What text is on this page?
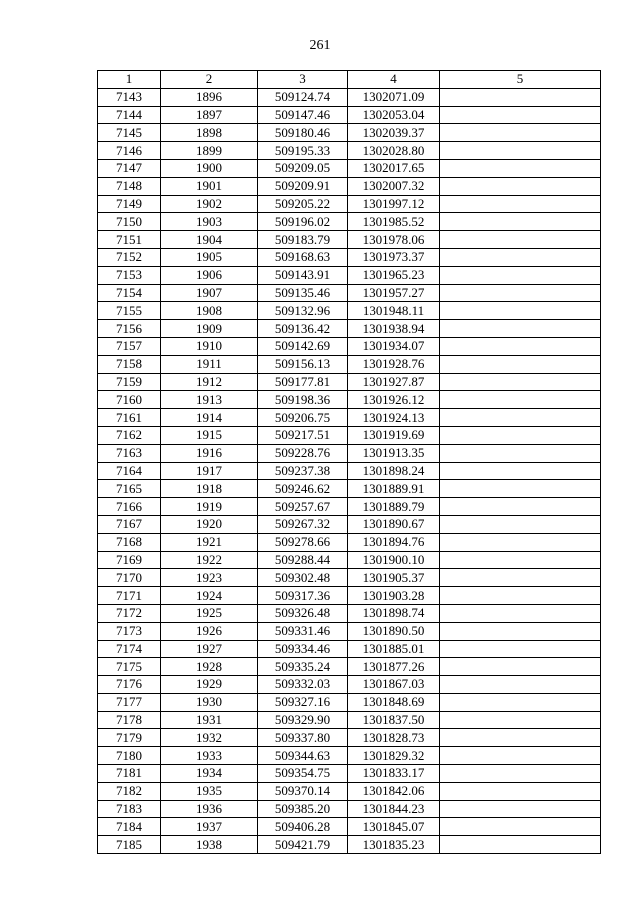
261
1	2	3	4	5
7143	1896	509124.74	1302071.09	
7144	1897	509147.46	1302053.04	
7145	1898	509180.46	1302039.37	
7146	1899	509195.33	1302028.80	
7147	1900	509209.05	1302017.65	
7148	1901	509209.91	1302007.32	
7149	1902	509205.22	1301997.12	
7150	1903	509196.02	1301985.52	
7151	1904	509183.79	1301978.06	
7152	1905	509168.63	1301973.37	
7153	1906	509143.91	1301965.23	
7154	1907	509135.46	1301957.27	
7155	1908	509132.96	1301948.11	
7156	1909	509136.42	1301938.94	
7157	1910	509142.69	1301934.07	
7158	1911	509156.13	1301928.76	
7159	1912	509177.81	1301927.87	
7160	1913	509198.36	1301926.12	
7161	1914	509206.75	1301924.13	
7162	1915	509217.51	1301919.69	
7163	1916	509228.76	1301913.35	
7164	1917	509237.38	1301898.24	
7165	1918	509246.62	1301889.91	
7166	1919	509257.67	1301889.79	
7167	1920	509267.32	1301890.67	
7168	1921	509278.66	1301894.76	
7169	1922	509288.44	1301900.10	
7170	1923	509302.48	1301905.37	
7171	1924	509317.36	1301903.28	
7172	1925	509326.48	1301898.74	
7173	1926	509331.46	1301890.50	
7174	1927	509334.46	1301885.01	
7175	1928	509335.24	1301877.26	
7176	1929	509332.03	1301867.03	
7177	1930	509327.16	1301848.69	
7178	1931	509329.90	1301837.50	
7179	1932	509337.80	1301828.73	
7180	1933	509344.63	1301829.32	
7181	1934	509354.75	1301833.17	
7182	1935	509370.14	1301842.06	
7183	1936	509385.20	1301844.23	
7184	1937	509406.28	1301845.07	
7185	1938	509421.79	1301835.23	
